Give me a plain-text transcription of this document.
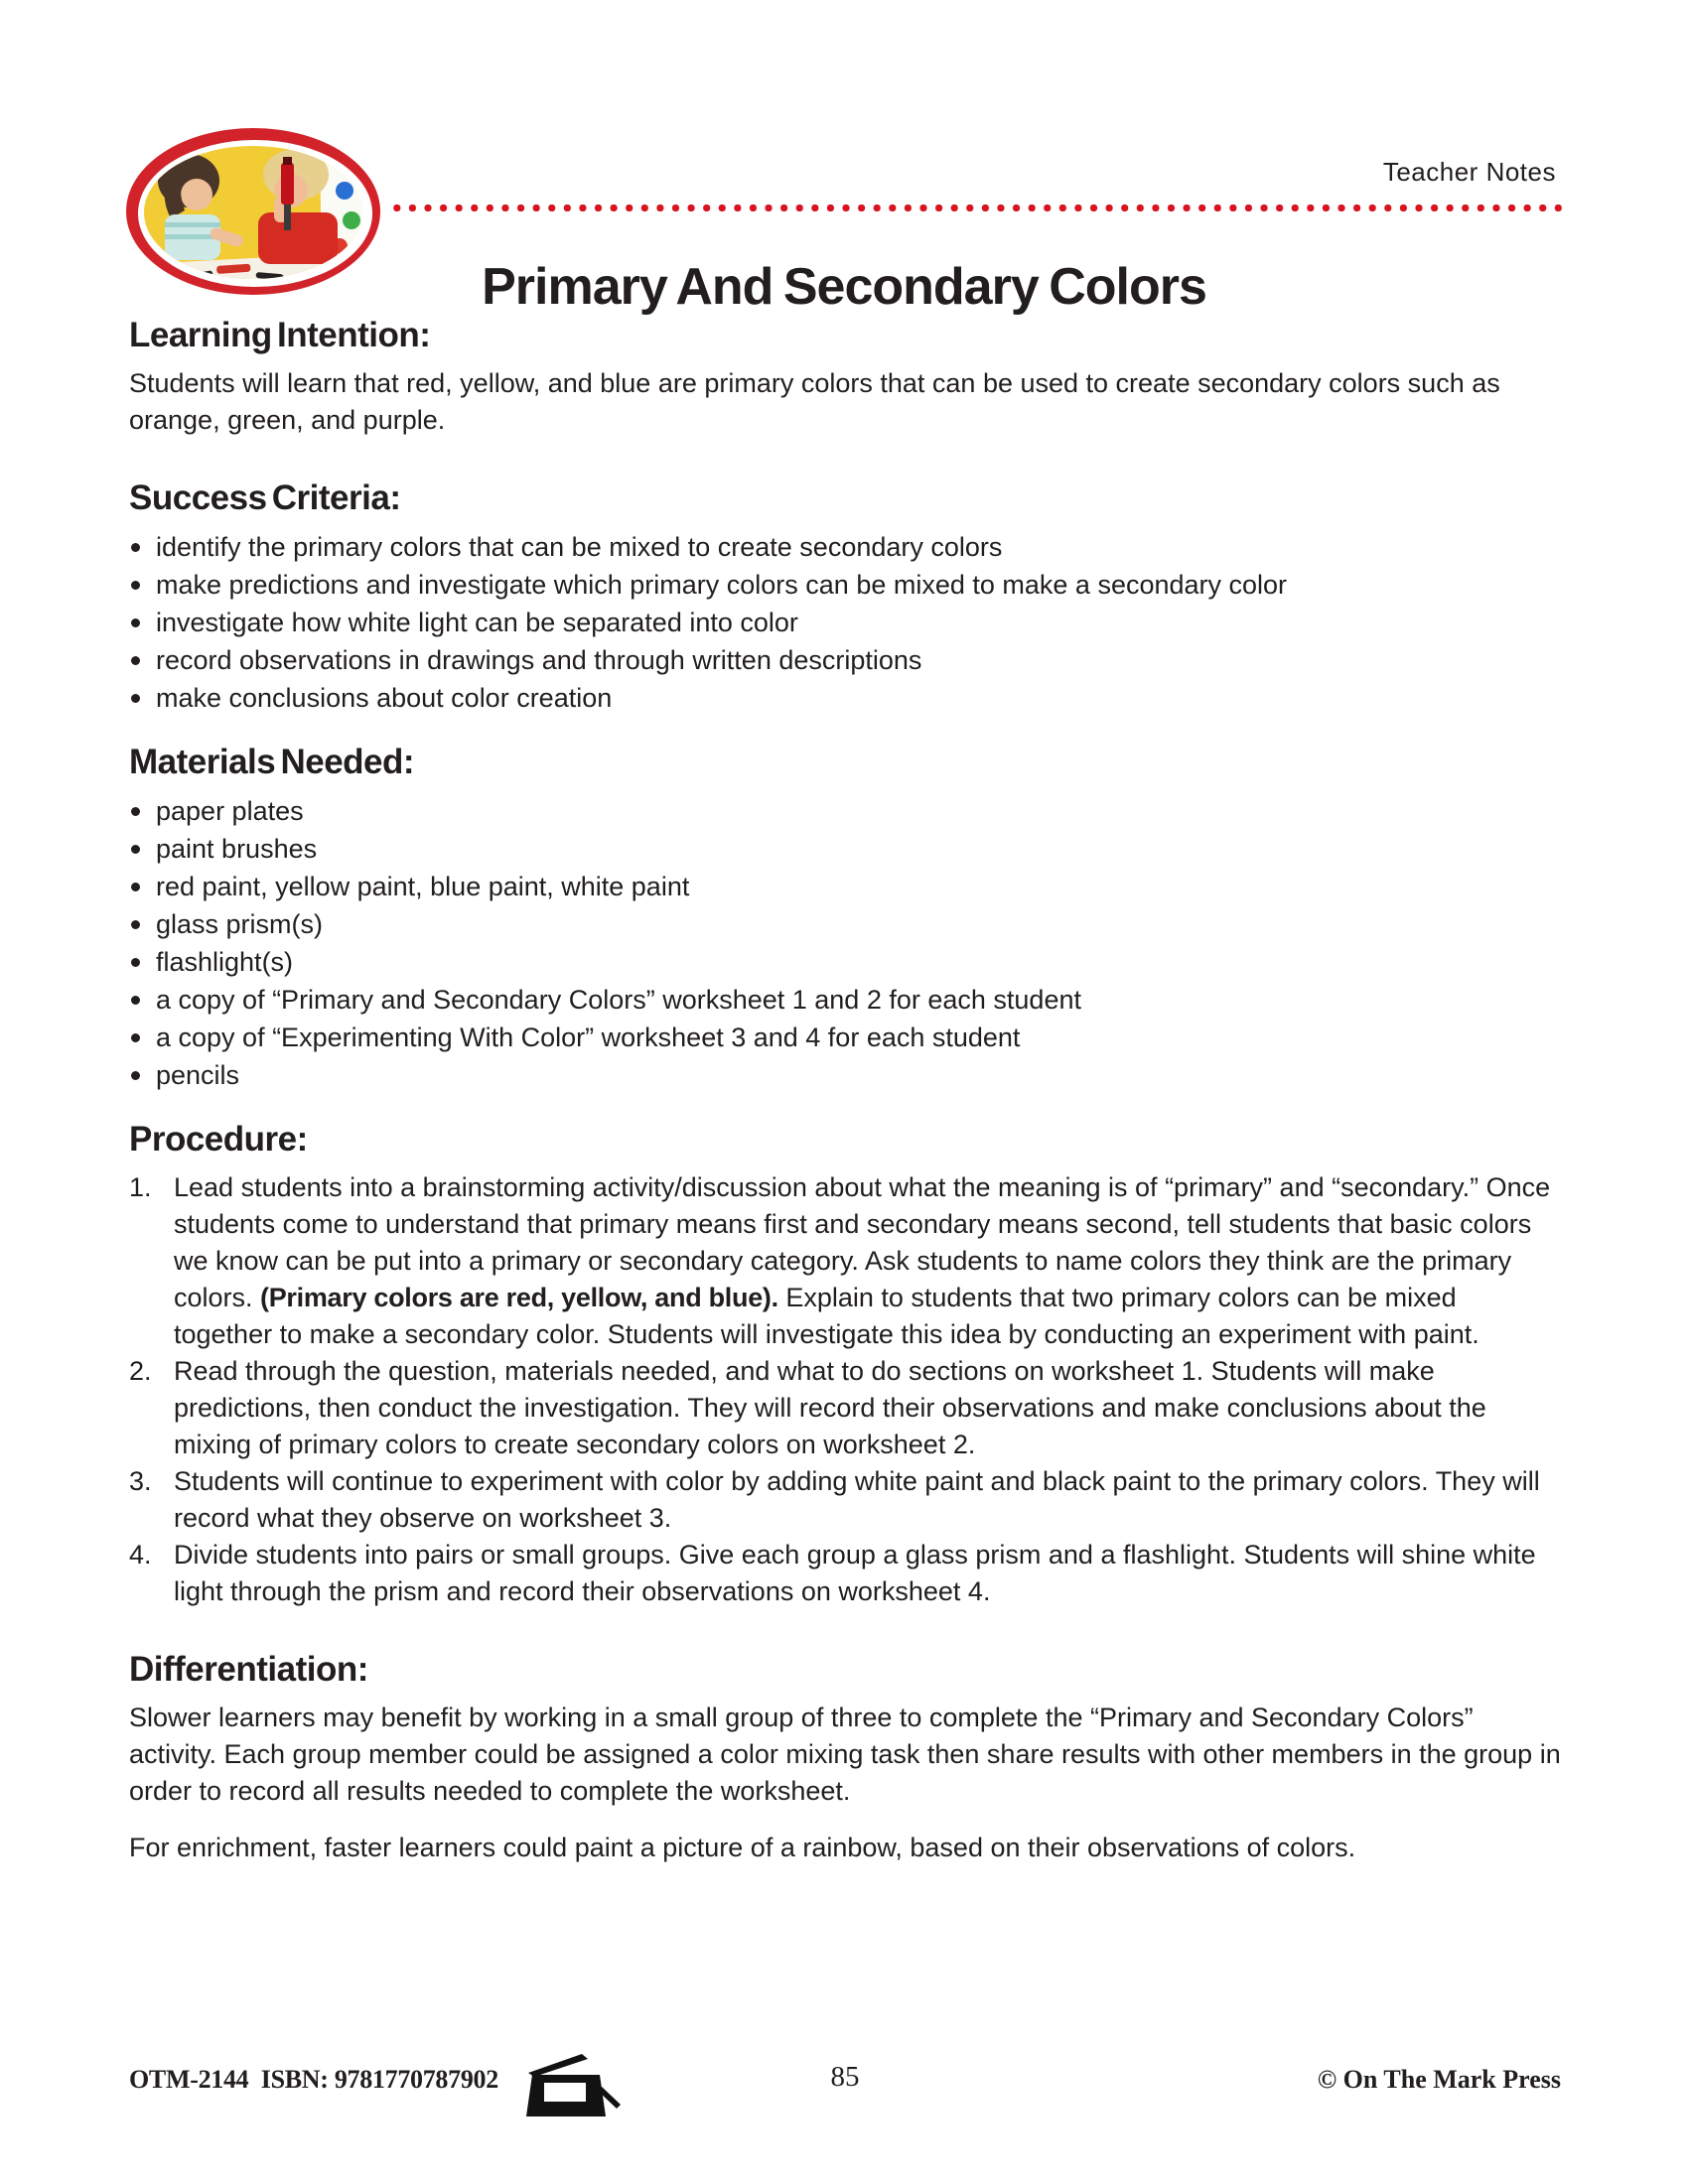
Teacher Notes
Primary And Secondary Colors
Learning Intention:

Students will learn that red, yellow, and blue are primary colors that can be used to create secondary colors such as orange, green, and purple.

Success Criteria:
identify the primary colors that can be mixed to create secondary colors
make predictions and investigate which primary colors can be mixed to make a secondary color
investigate how white light can be separated into color
record observations in drawings and through written descriptions
make conclusions about color creation
Materials Needed:
paper plates
paint brushes
red paint, yellow paint, blue paint, white paint
glass prism(s)
flashlight(s)
a copy of “Primary and Secondary Colors” worksheet 1 and 2 for each student
a copy of “Experimenting With Color” worksheet 3 and 4 for each student
pencils
Procedure:
1. Lead students into a brainstorming activity/discussion about what the meaning is of “primary” and “secondary.” Once students come to understand that primary means first and secondary means second, tell students that basic colors we know can be put into a primary or secondary category. Ask students to name colors they think are the primary colors. (Primary colors are red, yellow, and blue). Explain to students that two primary colors can be mixed together to make a secondary color. Students will investigate this idea by conducting an experiment with paint.
2. Read through the question, materials needed, and what to do sections on worksheet 1. Students will make predictions, then conduct the investigation. They will record their observations and make conclusions about the mixing of primary colors to create secondary colors on worksheet 2.
3. Students will continue to experiment with color by adding white paint and black paint to the primary colors. They will record what they observe on worksheet 3.
4. Divide students into pairs or small groups. Give each group a glass prism and a flashlight. Students will shine white light through the prism and record their observations on worksheet 4.
Differentiation:

Slower learners may benefit by working in a small group of three to complete the “Primary and Secondary Colors” activity. Each group member could be assigned a color mixing task then share results with other members in the group in order to record all results needed to complete the worksheet.

For enrichment, faster learners could paint a picture of a rainbow, based on their observations of colors.

OTM-2144  ISBN: 9781770787902	85	© On The Mark Press
